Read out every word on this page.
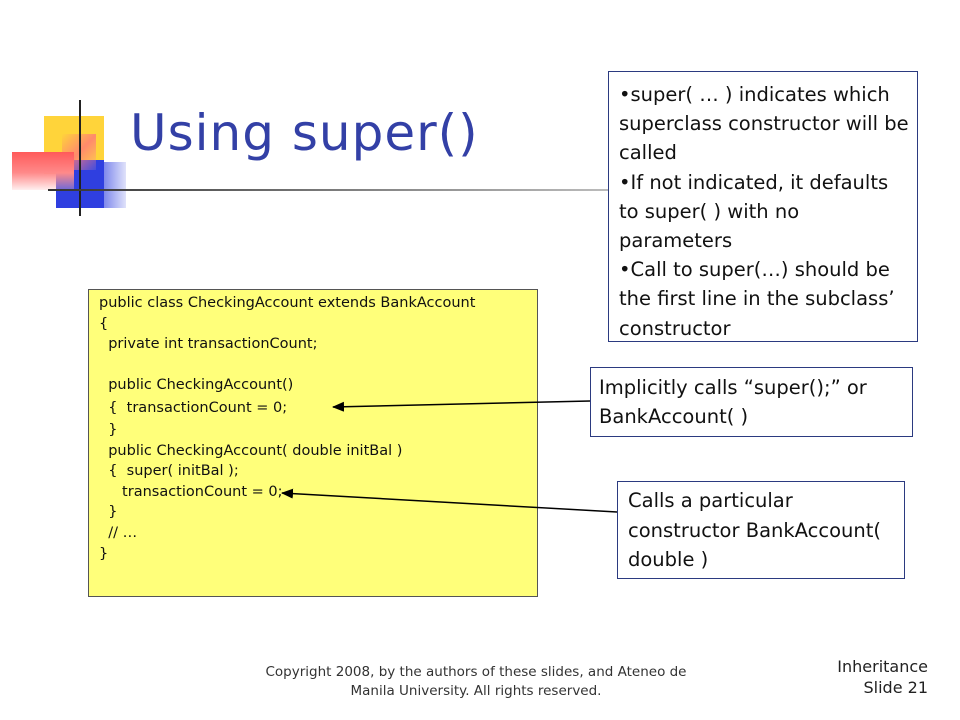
Using super()
public class CheckingAccount extends BankAccount
{
private int transactionCount;
public CheckingAccount()
{  transactionCount = 0;
}
public CheckingAccount( double initBal )
{  super( initBal );
transactionCount = 0;
}
// …
}
•super( … ) indicates which superclass constructor will be called
•If not indicated, it defaults to super( ) with no parameters
•Call to super(…) should be the first line in the subclass’ constructor
Implicitly calls “super();” or BankAccount( )
Calls a particular constructor BankAccount( double )
Copyright 2008, by the authors of these slides, and Ateneo de Manila University. All rights reserved.
Inheritance
Slide 21
